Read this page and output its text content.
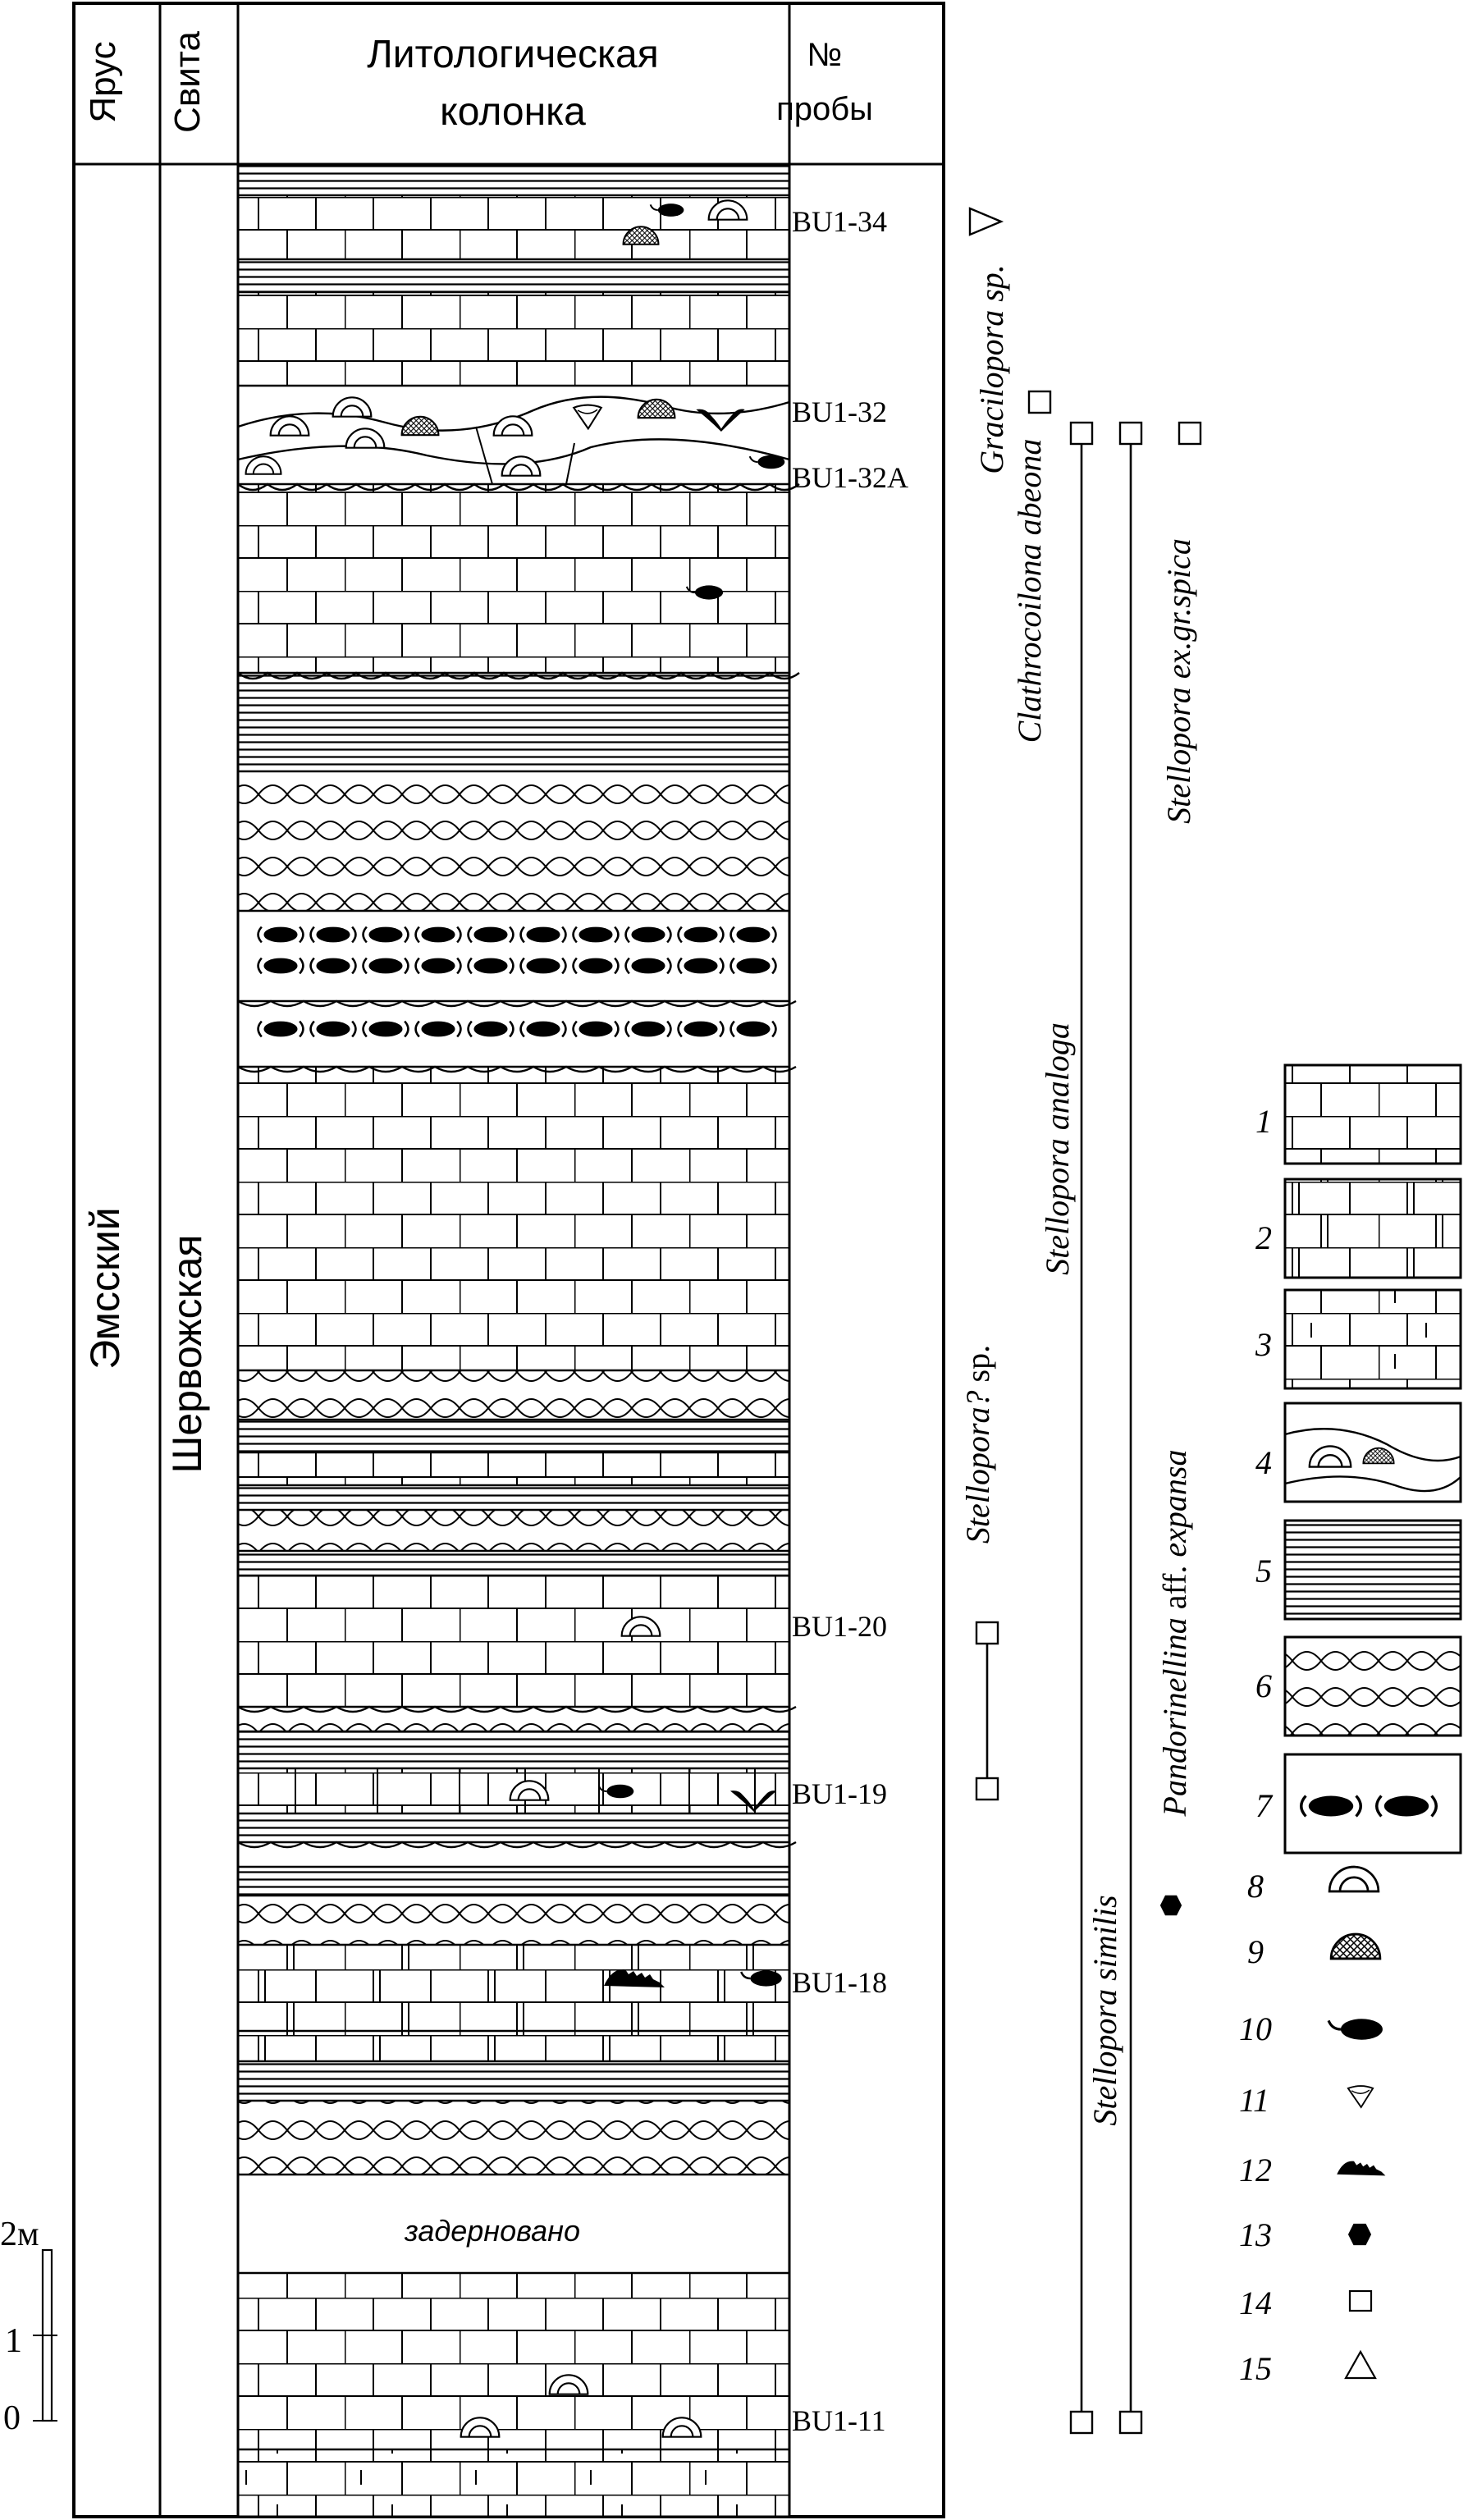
Ярус Свита	Литологическая
колонка
№
пробы
Эмсский Шервожская
задерновано
BU1-34
BU1-32
BU1-32A
BU1-20
BU1-19
BU1-18
BU1-11
Gracilopora sp.
Clathrocoilona abeona	Stellopora ex.gr.spica
Stellopora? sp.
Stellopora analoga
Pandorinellina aff. expansa
Stellopora similis
2м
1
0
1
2
3
4
5
6
7
8
9
10
11
12
13
14
15
